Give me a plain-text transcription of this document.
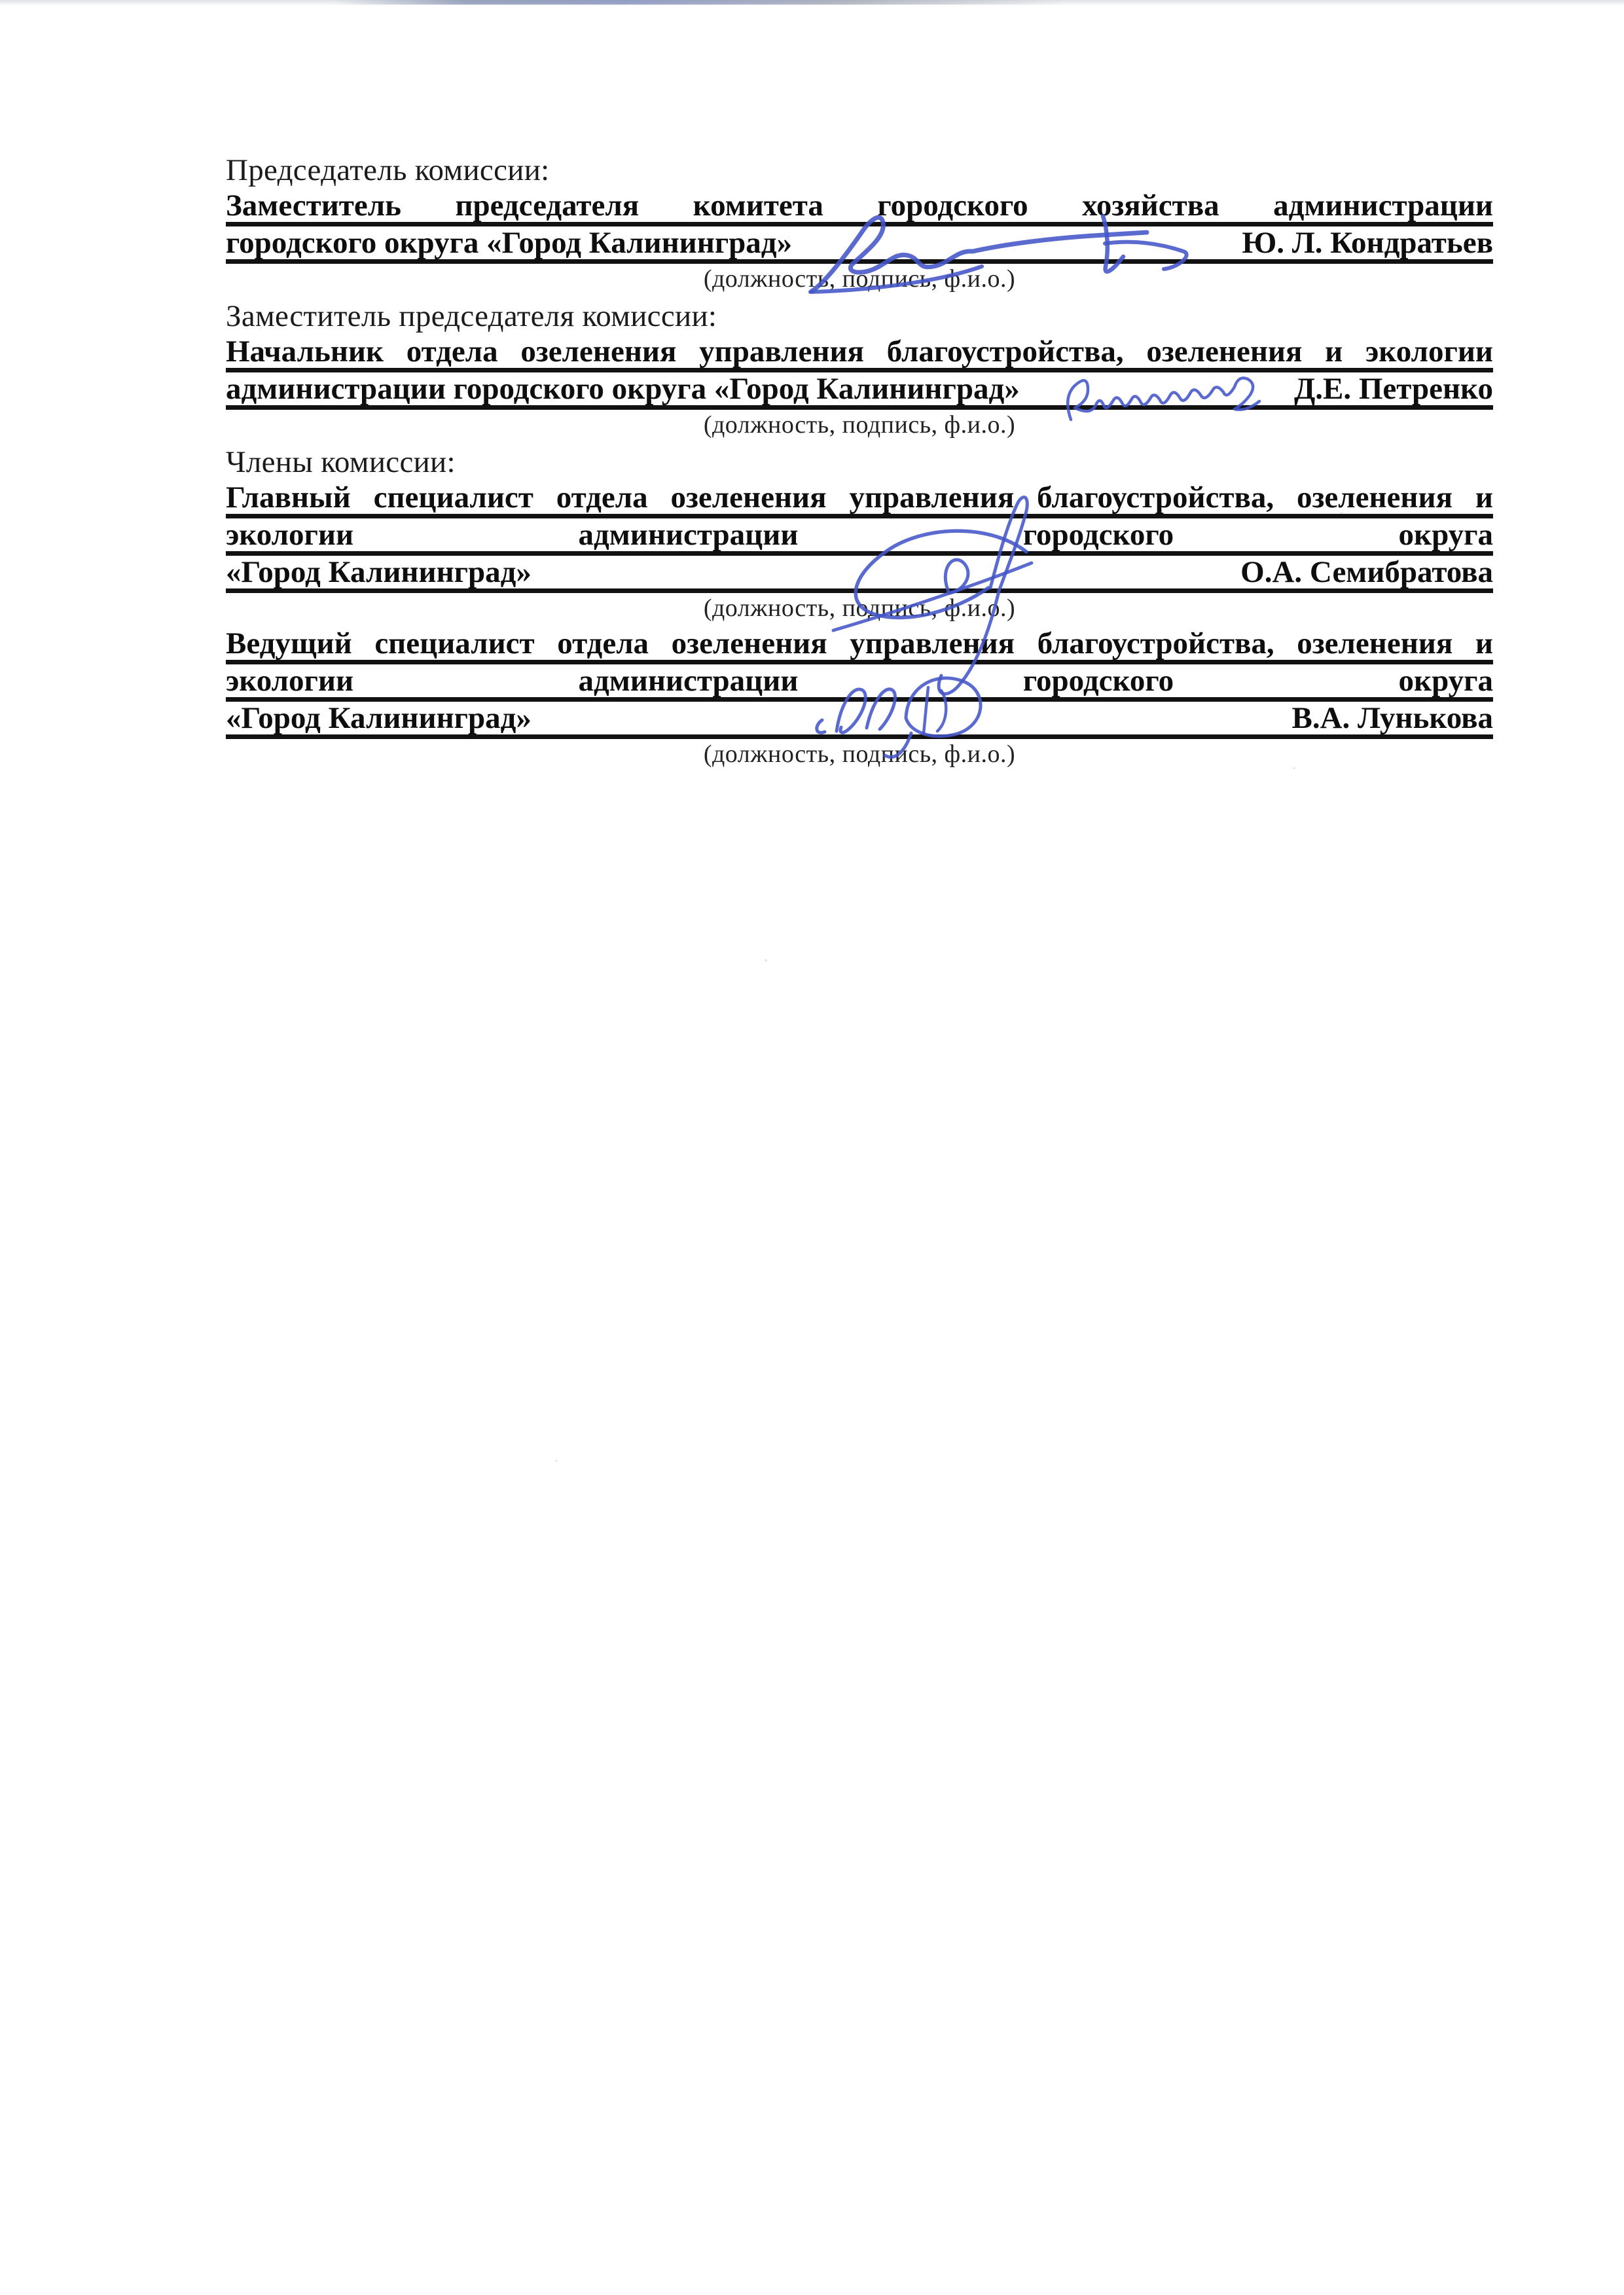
Председатель комиссии:
Заместитель председателя комитета городского хозяйства администрации
городского округа «Город Калининград»	Ю. Л. Кондратьев
(должность, подпись, ф.и.о.)
Заместитель председателя комиссии:
Начальник отдела озеленения управления благоустройства, озеленения и экологии
администрации городского округа «Город Калининград»	Д.Е. Петренко
(должность, подпись, ф.и.о.)
Члены комиссии:
Главный специалист отдела озеленения управления благоустройства, озеленения и
экологии администрации городского округа
«Город Калининград»	О.А. Семибратова
(должность, подпись, ф.и.о.)
Ведущий специалист отдела озеленения управления благоустройства, озеленения и
экологии администрации городского округа
«Город Калининград»	В.А. Лунькова
(должность, подпись, ф.и.о.)
